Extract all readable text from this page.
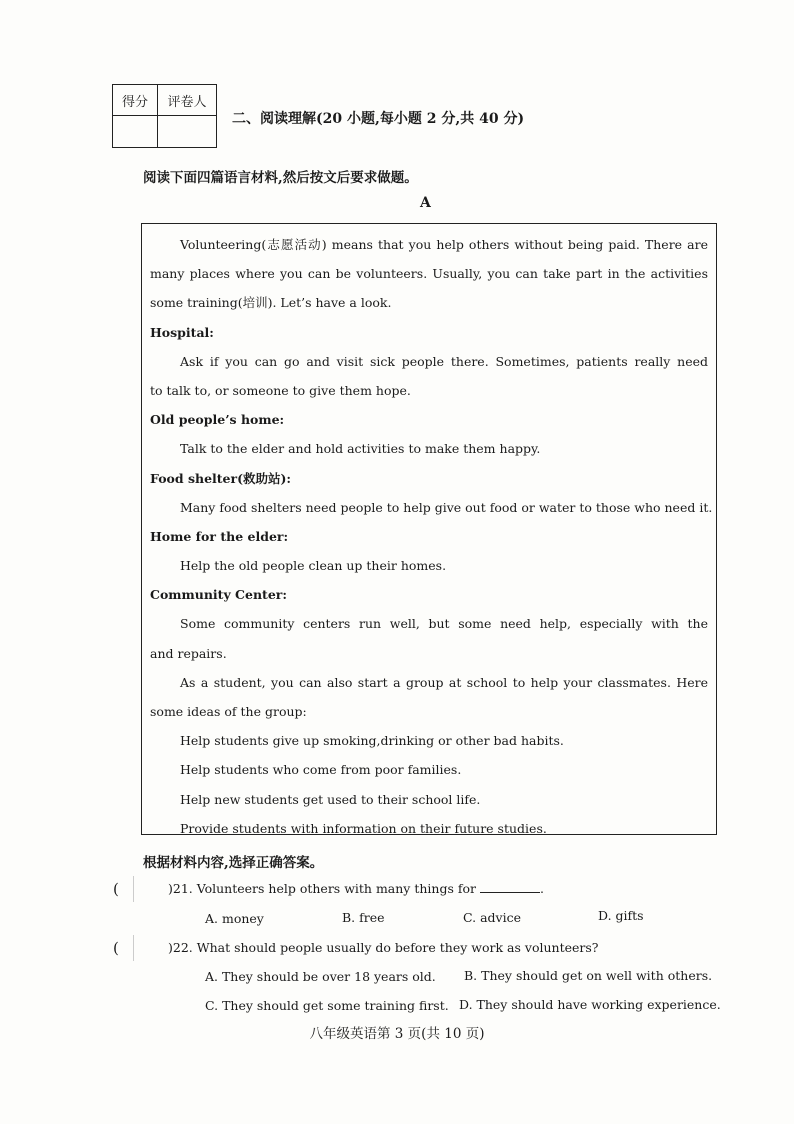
得分	评卷人

二、阅读理解(20 小题,每小题 2 分,共 40 分)
阅读下面四篇语言材料,然后按文后要求做题。
A
Volunteering(志愿活动) means that you help others without being paid. There are
many places where you can be volunteers. Usually, you can take part in the activities
some training(培训). Let’s have a look.
Hospital:
Ask if you can go and visit sick people there. Sometimes, patients really need
to talk to, or someone to give them hope.
Old people’s home:
Talk to the elder and hold activities to make them happy.
Food shelter(救助站):
Many food shelters need people to help give out food or water to those who need it.
Home for the elder:
Help the old people clean up their homes.
Community Center:
Some community centers run well, but some need help, especially with the
and repairs.
As a student, you can also start a group at school to help your classmates. Here
some ideas of the group:
Help students give up smoking,drinking or other bad habits.
Help students who come from poor families.
Help new students get used to their school life.
Provide students with information on their future studies.
根据材料内容,选择正确答案。
(	)21. Volunteers help others with many things for	.
A. money	B. free	C. advice	D. gifts
(	)22. What should people usually do before they work as volunteers?
A. They should be over 18 years old. B. They should get on well with others.
C. They should get some training first. D. They should have working experience.
八年级英语第 3 页(共 10 页)
